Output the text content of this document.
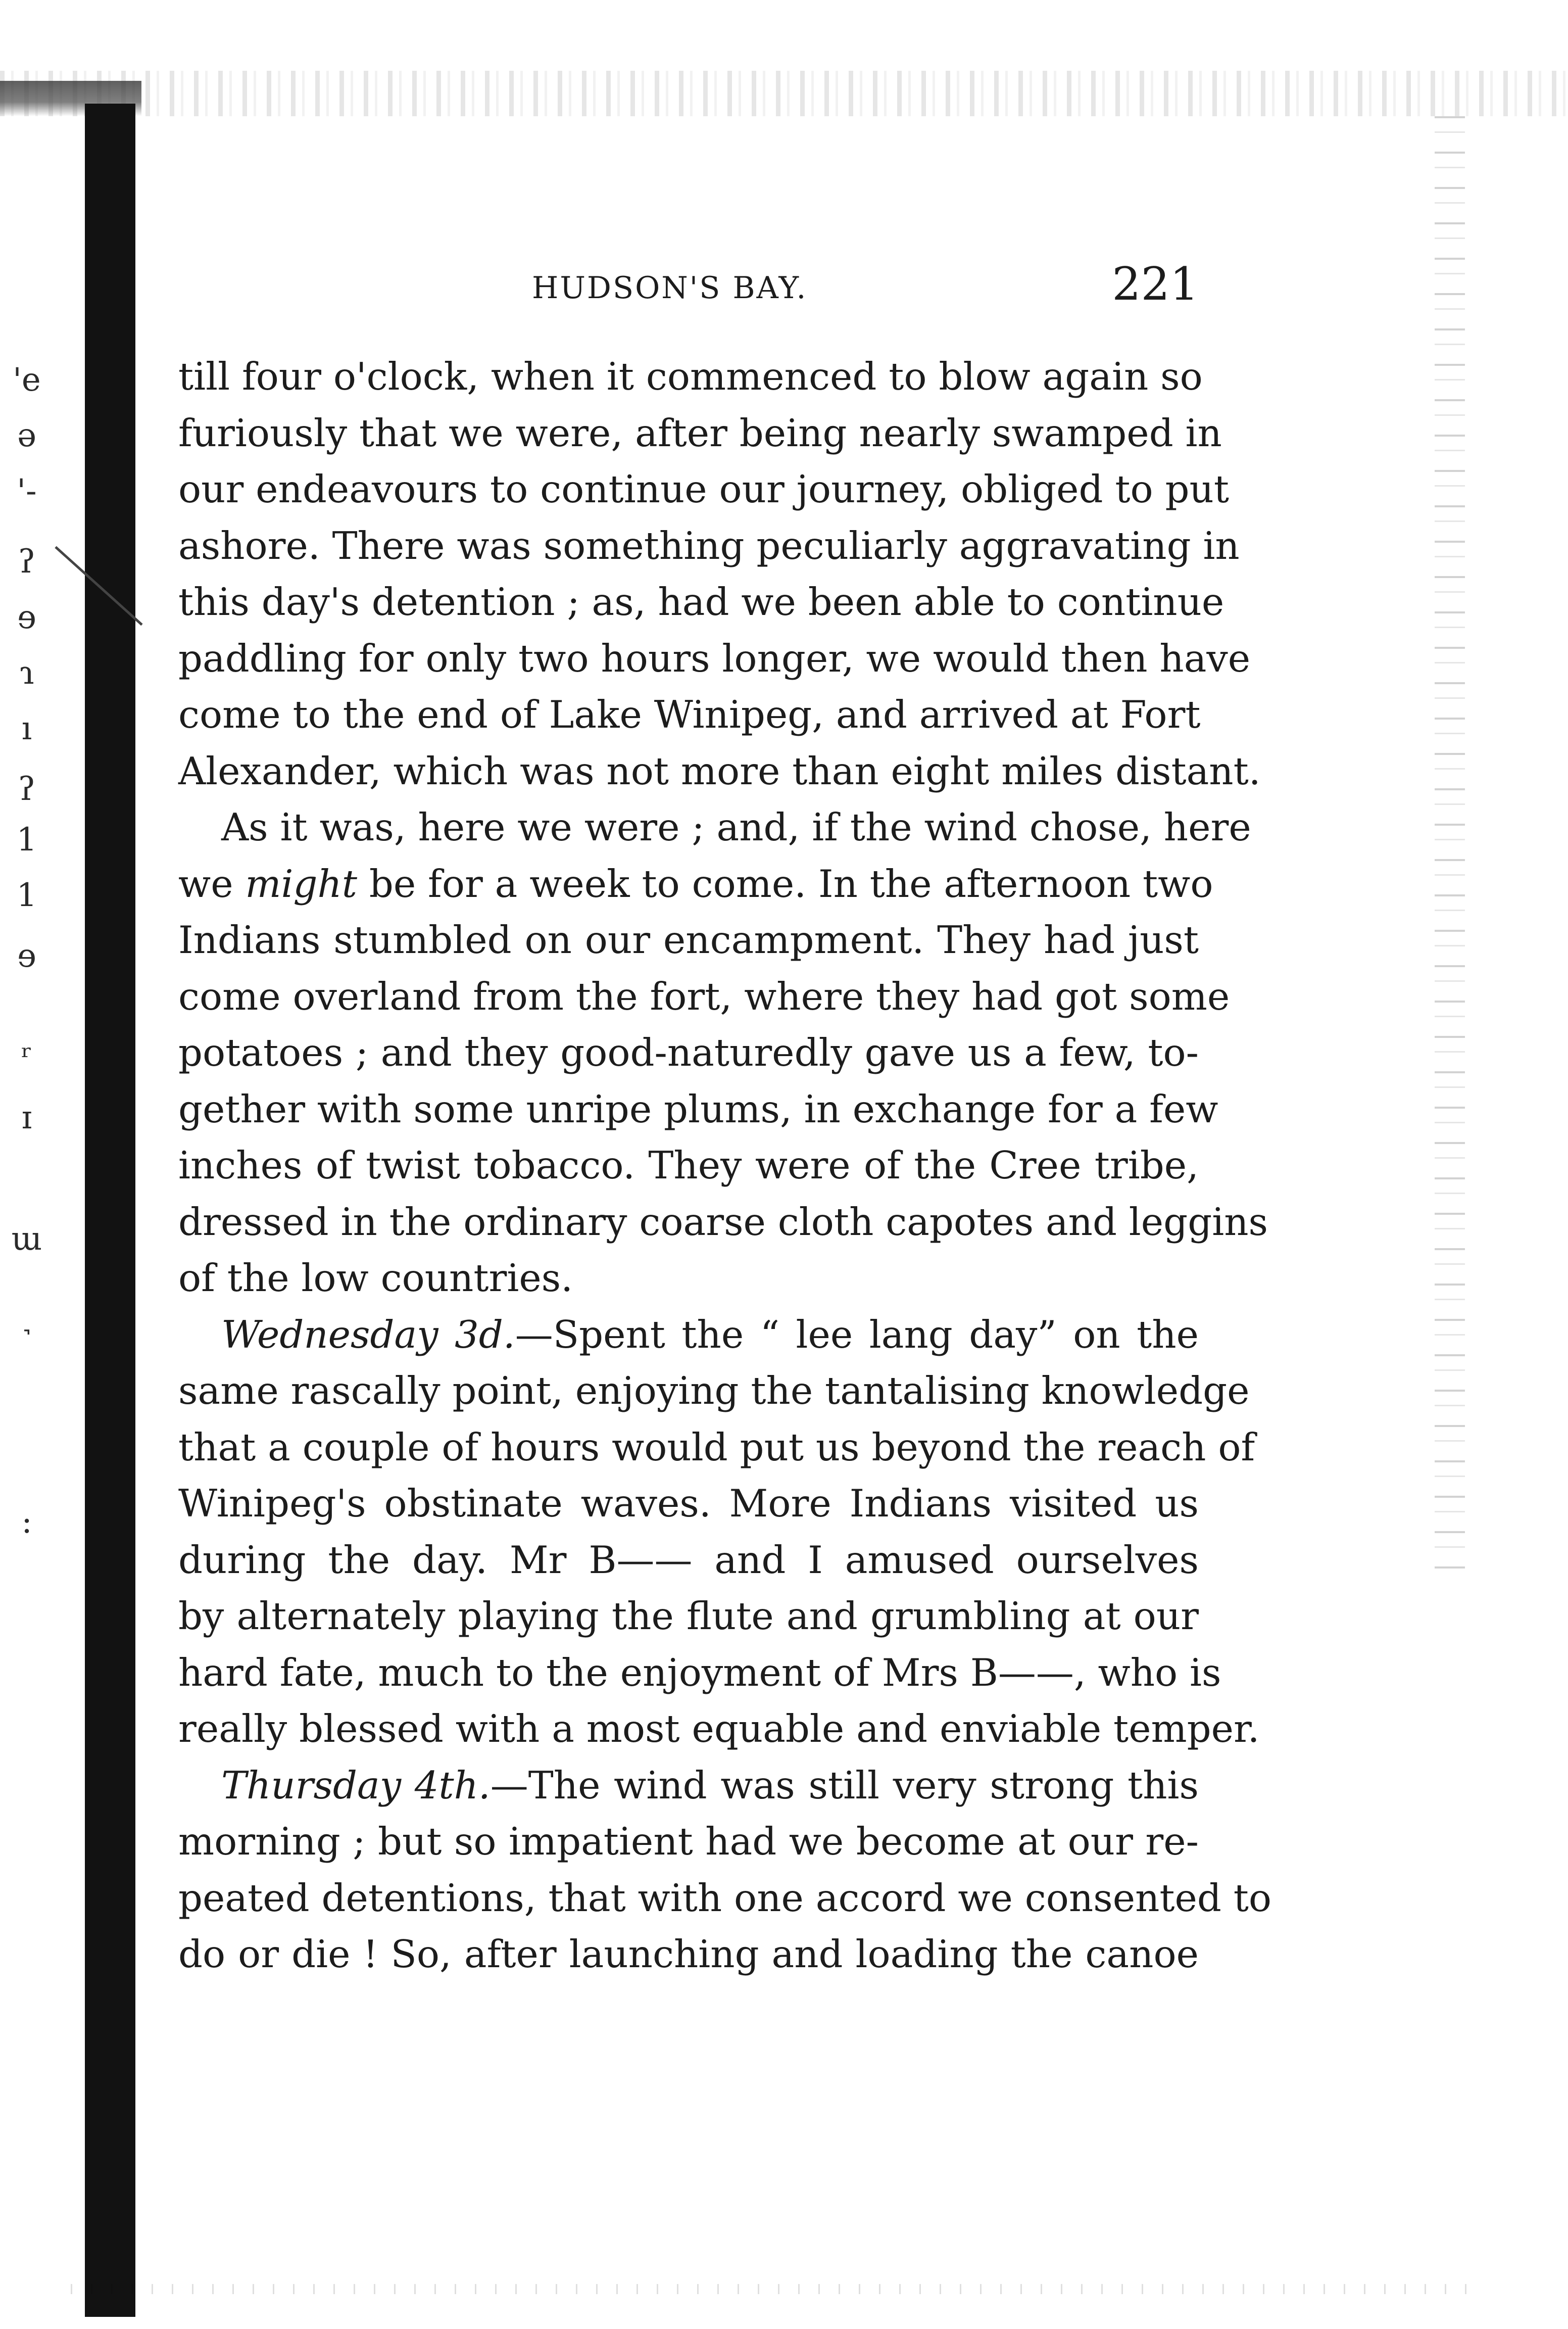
'e
ə
'-
ʔ
ɘ
ɿ
ı
ʔ
1
1
ɘ
ʳ
ɪ
ɯ
˺
:
HUDSON'S BAY.	221
till four o'clock, when it commenced to blow again so
furiously that we were, after being nearly swamped in
our endeavours to continue our journey, obliged to put
ashore. There was something peculiarly aggravating in
this day's detention ; as, had we been able to continue
paddling for only two hours longer, we would then have
come to the end of Lake Winipeg, and arrived at Fort
Alexander, which was not more than eight miles distant.
As it was, here we were ; and, if the wind chose, here
we might be for a week to come. In the afternoon two
Indians stumbled on our encampment. They had just
come overland from the fort, where they had got some
potatoes ; and they good-naturedly gave us a few, to-
gether with some unripe plums, in exchange for a few
inches of twist tobacco. They were of the Cree tribe,
dressed in the ordinary coarse cloth capotes and leggins
of the low countries.
Wednesday 3d.—Spent the “ lee lang day” on the
same rascally point, enjoying the tantalising knowledge
that a couple of hours would put us beyond the reach of
Winipeg's obstinate waves. More Indians visited us
during the day. Mr B—— and I amused ourselves
by alternately playing the flute and grumbling at our
hard fate, much to the enjoyment of Mrs B——, who is
really blessed with a most equable and enviable temper.
Thursday 4th.—The wind was still very strong this
morning ; but so impatient had we become at our re-
peated detentions, that with one accord we consented to
do or die ! So, after launching and loading the canoe
